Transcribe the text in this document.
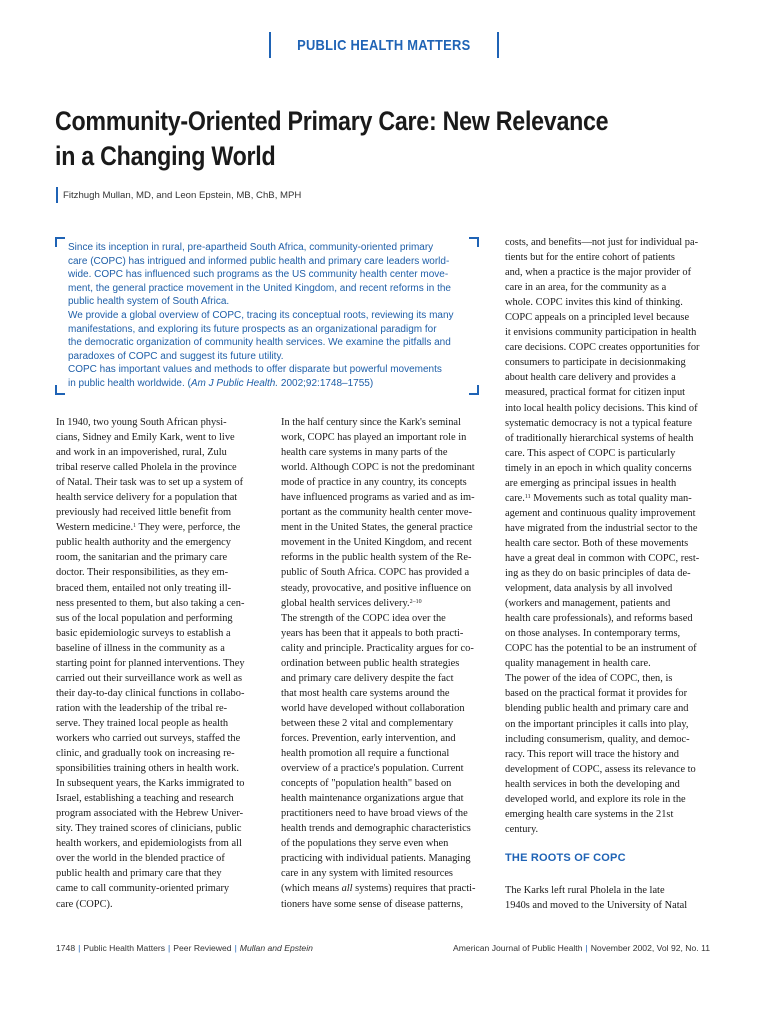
PUBLIC HEALTH MATTERS
Community-Oriented Primary Care: New Relevance
in a Changing World
Fitzhugh Mullan, MD, and Leon Epstein, MB, ChB, MPH
Since its inception in rural, pre-apartheid South Africa, community-oriented primary
care (COPC) has intrigued and informed public health and primary care leaders world-
wide. COPC has influenced such programs as the US community health center move-
ment, the general practice movement in the United Kingdom, and recent reforms in the
public health system of South Africa.
We provide a global overview of COPC, tracing its conceptual roots, reviewing its many
manifestations, and exploring its future prospects as an organizational paradigm for
the democratic organization of community health services. We examine the pitfalls and
paradoxes of COPC and suggest its future utility.
COPC has important values and methods to offer disparate but powerful movements
in public health worldwide. (Am J Public Health. 2002;92:1748–1755)
In 1940, two young South African physi-
cians, Sidney and Emily Kark, went to live
and work in an impoverished, rural, Zulu
tribal reserve called Pholela in the province
of Natal. Their task was to set up a system of
health service delivery for a population that
previously had received little benefit from
Western medicine.$^1$ They were, perforce, the
public health authority and the emergency
room, the sanitarian and the primary care
doctor. Their responsibilities, as they em-
braced them, entailed not only treating ill-
ness presented to them, but also taking a cen-
sus of the local population and performing
basic epidemiologic surveys to establish a
baseline of illness in the community as a
starting point for planned interventions. They
carried out their surveillance work as well as
their day-to-day clinical functions in collabo-
ration with the leadership of the tribal re-
serve. They trained local people as health
workers who carried out surveys, staffed the
clinic, and gradually took on increasing re-
sponsibilities training others in health work.
In subsequent years, the Karks immigrated to
Israel, establishing a teaching and research
program associated with the Hebrew Univer-
sity. They trained scores of clinicians, public
health workers, and epidemiologists from all
over the world in the blended practice of
public health and primary care that they
came to call community-oriented primary
care (COPC).
In the half century since the Kark's seminal
work, COPC has played an important role in
health care systems in many parts of the
world. Although COPC is not the predominant
mode of practice in any country, its concepts
have influenced programs as varied and as im-
portant as the community health center move-
ment in the United States, the general practice
movement in the United Kingdom, and recent
reforms in the public health system of the Re-
public of South Africa. COPC has provided a
steady, provocative, and positive influence on
global health services delivery.$^{2-10}$
The strength of the COPC idea over the
years has been that it appeals to both practi-
cality and principle. Practicality argues for co-
ordination between public health strategies
and primary care delivery despite the fact
that most health care systems around the
world have developed without collaboration
between these 2 vital and complementary
forces. Prevention, early intervention, and
health promotion all require a functional
overview of a practice's population. Current
concepts of "population health" based on
health maintenance organizations argue that
practitioners need to have broad views of the
health trends and demographic characteristics
of the populations they serve even when
practicing with individual patients. Managing
care in any system with limited resources
(which means all systems) requires that practi-
tioners have some sense of disease patterns,
costs, and benefits—not just for individual pa-
tients but for the entire cohort of patients
and, when a practice is the major provider of
care in an area, for the community as a
whole. COPC invites this kind of thinking.
COPC appeals on a principled level because
it envisions community participation in health
care decisions. COPC creates opportunities for
consumers to participate in decisionmaking
about health care delivery and provides a
measured, practical format for citizen input
into local health policy decisions. This kind of
systematic democracy is not a typical feature
of traditionally hierarchical systems of health
care. This aspect of COPC is particularly
timely in an epoch in which quality concerns
are emerging as principal issues in health
care.$^{11}$ Movements such as total quality man-
agement and continuous quality improvement
have migrated from the industrial sector to the
health care sector. Both of these movements
have a great deal in common with COPC, rest-
ing as they do on basic principles of data de-
velopment, data analysis by all involved
(workers and management, patients and
health care professionals), and reforms based
on those analyses. In contemporary terms,
COPC has the potential to be an instrument of
quality management in health care.
The power of the idea of COPC, then, is
based on the practical format it provides for
blending public health and primary care and
on the important principles it calls into play,
including consumerism, quality, and democ-
racy. This report will trace the history and
development of COPC, assess its relevance to
health services in both the developing and
developed world, and explore its role in the
emerging health care systems in the 21st
century.
THE ROOTS OF COPC
The Karks left rural Pholela in the late
1940s and moved to the University of Natal
1748 | Public Health Matters | Peer Reviewed | Mullan and Epstein	American Journal of Public Health | November 2002, Vol 92, No. 11
